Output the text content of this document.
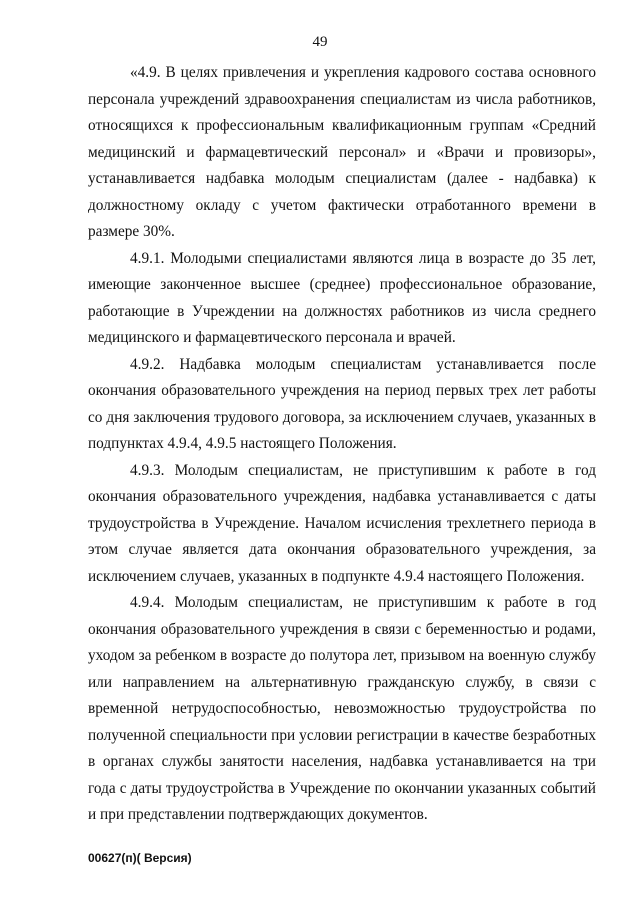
49

«4.9. В целях привлечения и укрепления кадрового состава основного персонала учреждений здравоохранения специалистам из числа работников, относящихся к профессиональным квалификационным группам «Средний медицинский и фармацевтический персонал» и «Врачи и провизоры», устанавливается надбавка молодым специалистам (далее - надбавка) к должностному окладу с учетом фактически отработанного времени в размере 30%.

4.9.1. Молодыми специалистами являются лица в возрасте до 35 лет, имеющие законченное высшее (среднее) профессиональное образование, работающие в Учреждении на должностях работников из числа среднего медицинского и фармацевтического персонала и врачей.

4.9.2. Надбавка молодым специалистам устанавливается после окончания образовательного учреждения на период первых трех лет работы со дня заключения трудового договора, за исключением случаев, указанных в подпунктах 4.9.4, 4.9.5 настоящего Положения.

4.9.3. Молодым специалистам, не приступившим к работе в год окончания образовательного учреждения, надбавка устанавливается с даты трудоустройства в Учреждение. Началом исчисления трехлетнего периода в этом случае является дата окончания образовательного учреждения, за исключением случаев, указанных в подпункте 4.9.4 настоящего Положения.

4.9.4. Молодым специалистам, не приступившим к работе в год окончания образовательного учреждения в связи с беременностью и родами, уходом за ребенком в возрасте до полутора лет, призывом на военную службу или направлением на альтернативную гражданскую службу, в связи с временной нетрудоспособностью, невозможностью трудоустройства по полученной специальности при условии регистрации в качестве безработных в органах службы занятости населения, надбавка устанавливается на три года с даты трудоустройства в Учреждение по окончании указанных событий и при представлении подтверждающих документов.

00627(п)( Версия)
